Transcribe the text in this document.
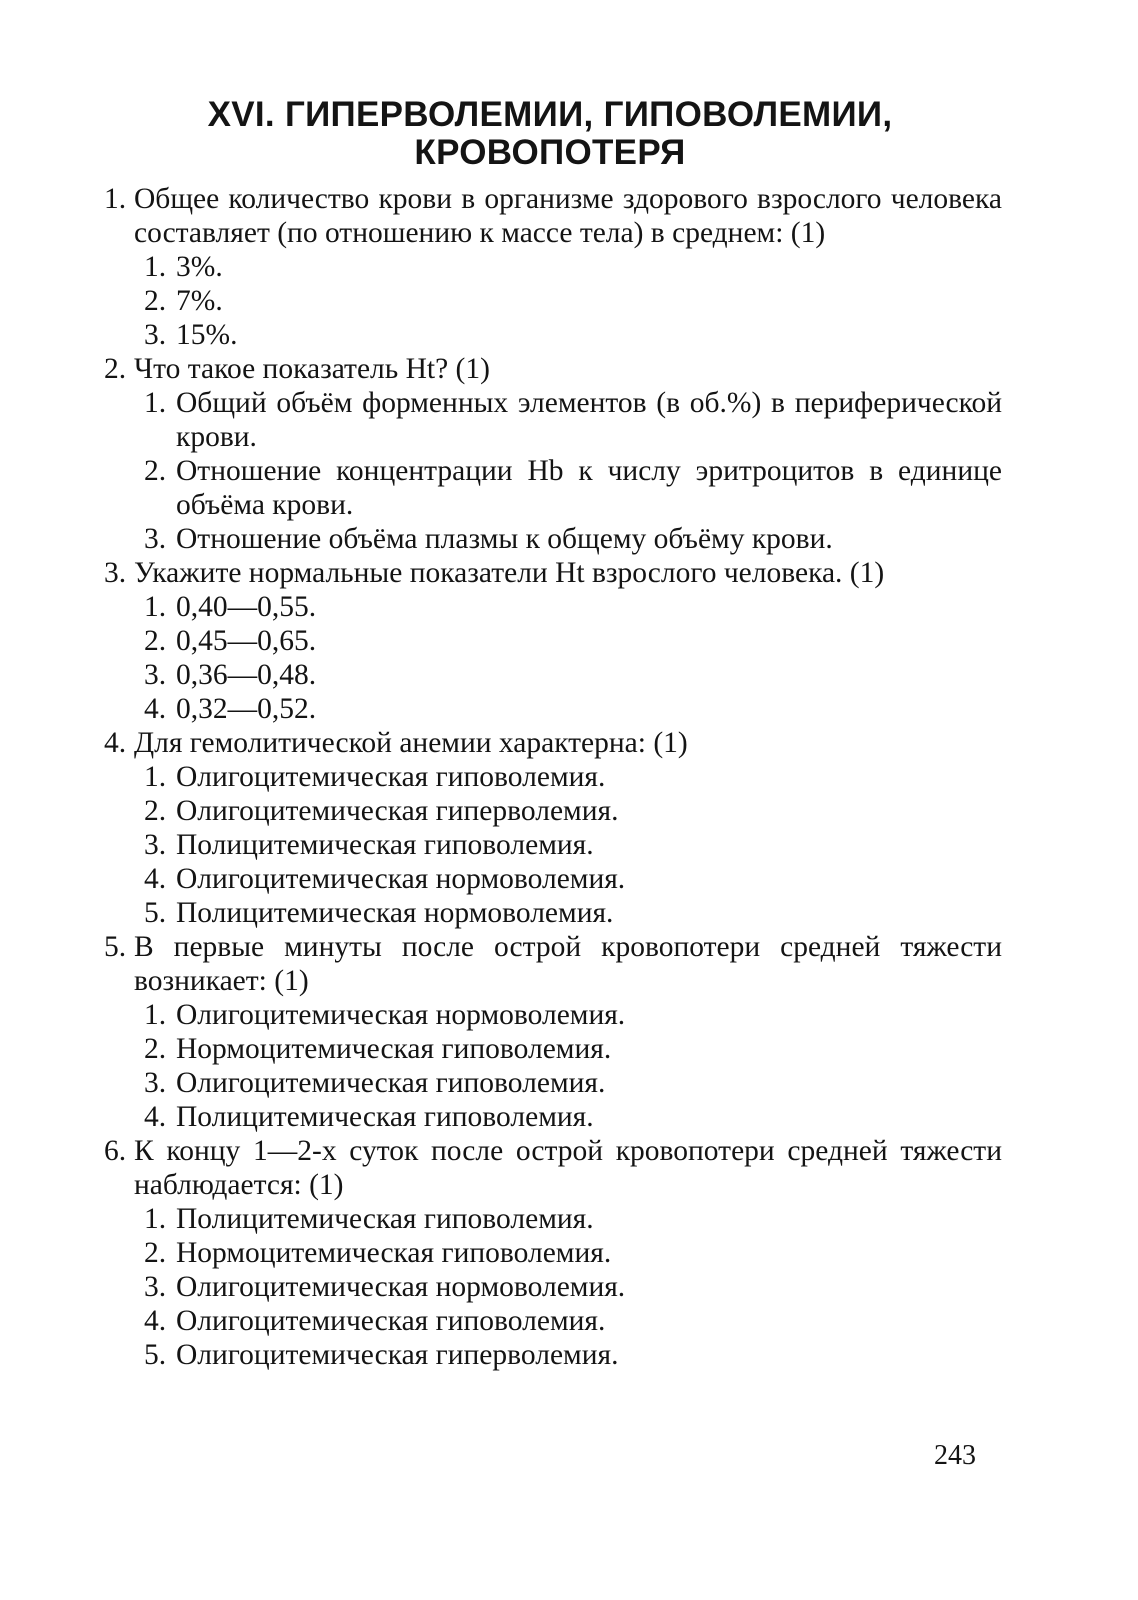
XVI. ГИПЕРВОЛЕМИИ, ГИПОВОЛЕМИИ,
КРОВОПОТЕРЯ
1. Общее количество крови в организме здорового взрослого человека составляет (по отношению к массе тела) в среднем: (1)
1. 3%.
2. 7%.
3. 15%.
2. Что такое показатель Ht? (1)
1. Общий объём форменных элементов (в об.%) в периферической крови.
2. Отношение концентрации Hb к числу эритроцитов в единице объёма крови.
3. Отношение объёма плазмы к общему объёму крови.
3. Укажите нормальные показатели Ht взрослого человека. (1)
1. 0,40—0,55.
2. 0,45—0,65.
3. 0,36—0,48.
4. 0,32—0,52.
4. Для гемолитической анемии характерна: (1)
1. Олигоцитемическая гиповолемия.
2. Олигоцитемическая гиперволемия.
3. Полицитемическая гиповолемия.
4. Олигоцитемическая нормоволемия.
5. Полицитемическая нормоволемия.
5. В первые минуты после острой кровопотери средней тяжести возникает: (1)
1. Олигоцитемическая нормоволемия.
2. Нормоцитемическая гиповолемия.
3. Олигоцитемическая гиповолемия.
4. Полицитемическая гиповолемия.
6. К концу 1—2-х суток после острой кровопотери средней тяжести наблюдается: (1)
1. Полицитемическая гиповолемия.
2. Нормоцитемическая гиповолемия.
3. Олигоцитемическая нормоволемия.
4. Олигоцитемическая гиповолемия.
5. Олигоцитемическая гиперволемия.
243
